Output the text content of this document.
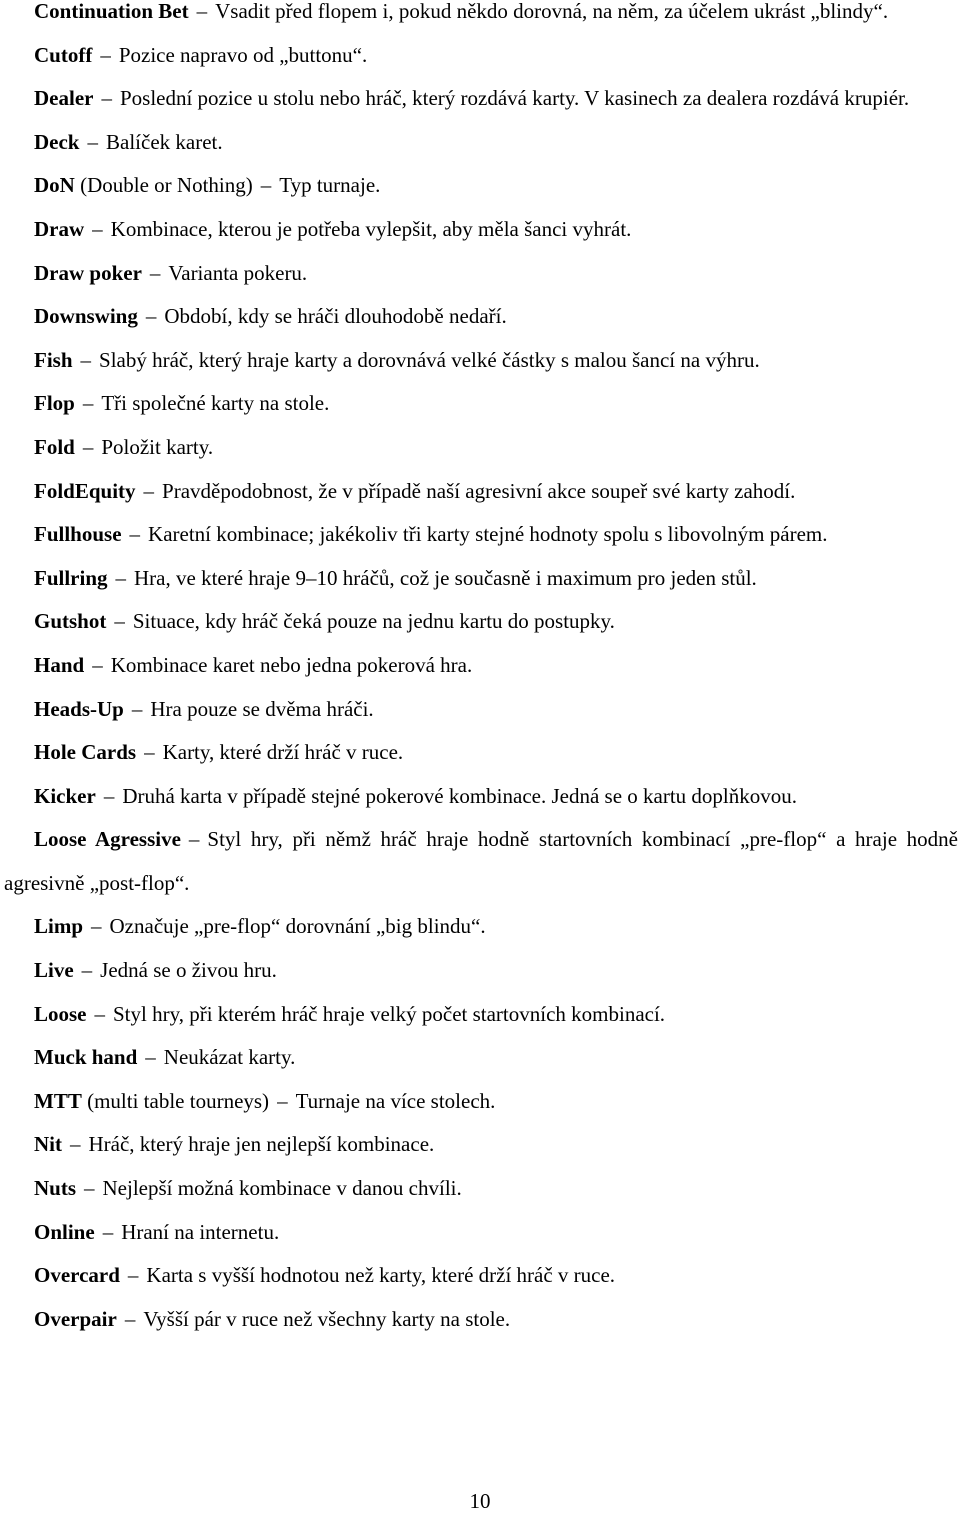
Continuation Bet – Vsadit před flopem i, pokud někdo dorovná, na něm, za účelem ukrást „blindy“.

Cutoff – Pozice napravo od „buttonu“.

Dealer – Poslední pozice u stolu nebo hráč, který rozdává karty. V kasinech za dealera rozdává krupiér.

Deck – Balíček karet.

DoN (Double or Nothing) – Typ turnaje.

Draw – Kombinace, kterou je potřeba vylepšit, aby měla šanci vyhrát.

Draw poker – Varianta pokeru.

Downswing – Období, kdy se hráči dlouhodobě nedaří.

Fish – Slabý hráč, který hraje karty a dorovnává velké částky s malou šancí na výhru.

Flop – Tři společné karty na stole.

Fold – Položit karty.

FoldEquity – Pravděpodobnost, že v případě naší agresivní akce soupeř své karty zahodí.

Fullhouse – Karetní kombinace; jakékoliv tři karty stejné hodnoty spolu s libovolným párem.

Fullring – Hra, ve které hraje 9–10 hráčů, což je současně i maximum pro jeden stůl.

Gutshot – Situace, kdy hráč čeká pouze na jednu kartu do postupky.

Hand – Kombinace karet nebo jedna pokerová hra.

Heads-Up – Hra pouze se dvěma hráči.

Hole Cards – Karty, které drží hráč v ruce.

Kicker – Druhá karta v případě stejné pokerové kombinace. Jedná se o kartu doplňkovou.

Loose Agressive – Styl hry, při němž hráč hraje hodně startovních kombinací „pre-flop“ a hraje hodně agresivně „post-flop“.

Limp – Označuje „pre-flop“ dorovnání „big blindu“.

Live – Jedná se o živou hru.

Loose – Styl hry, při kterém hráč hraje velký počet startovních kombinací.

Muck hand – Neukázat karty.

MTT (multi table tourneys) – Turnaje na více stolech.

Nit – Hráč, který hraje jen nejlepší kombinace.

Nuts – Nejlepší možná kombinace v danou chvíli.

Online – Hraní na internetu.

Overcard – Karta s vyšší hodnotou než karty, které drží hráč v ruce.

Overpair – Vyšší pár v ruce než všechny karty na stole.

10
